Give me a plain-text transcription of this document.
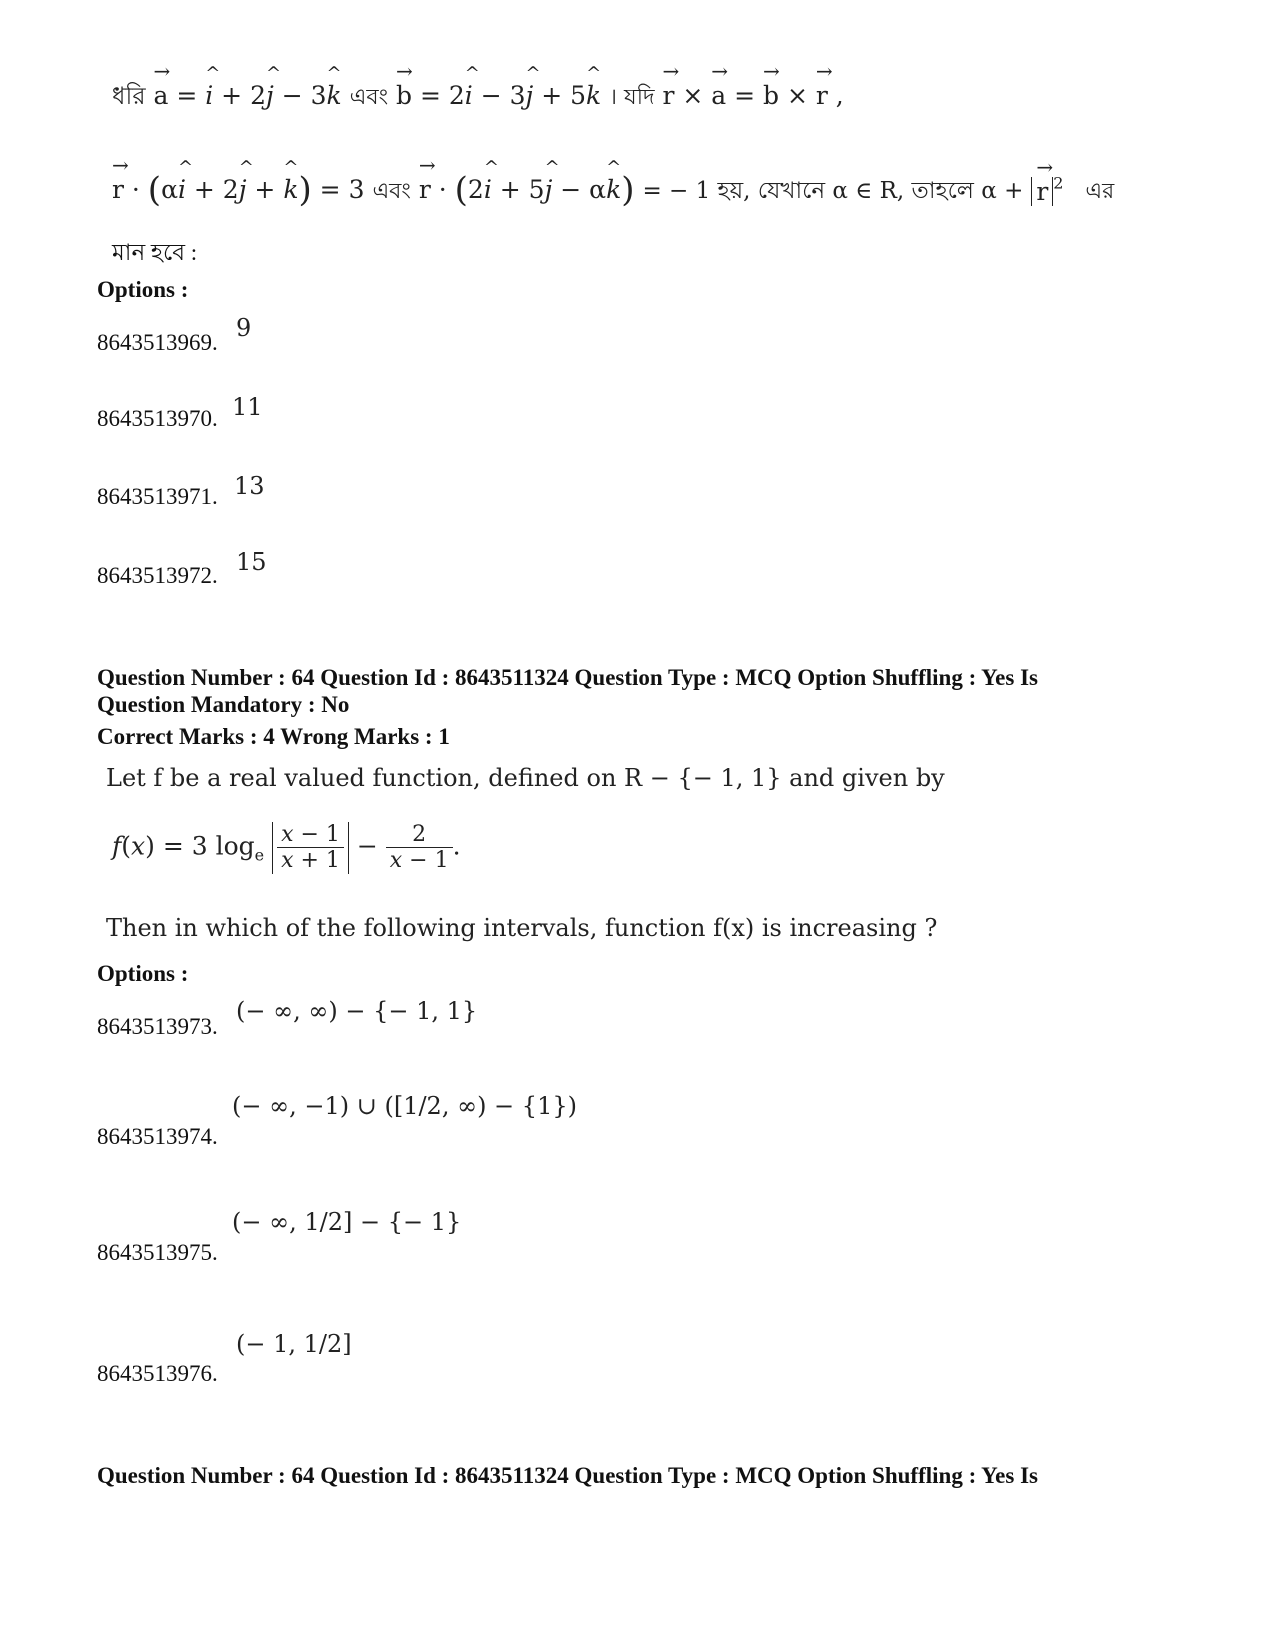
ধরি → a = ^ i + 2^ j − 3^ k এবং → b = 2^ i − 3^ j + 5^ k । যদি → r × → a = → b × → r ,
→ r · (α^ i + 2^ j + ^ k) = 3 এবং → r · (2^ i + 5^ j − α^ k) = − 1 হয়, যেখানে α ∈ R, তাহলে α + → r $^2$ এর
মান হবে :
Options :
8643513969.
9
8643513970. 11
8643513971. 13
8643513972. 15
Question Number : 64 Question Id : 8643511324 Question Type : MCQ Option Shuffling : Yes Is
Question Mandatory : No
Correct Marks : 4 Wrong Marks : 1
Let f be a real valued function, defined on R − {− 1, 1} and given by
f(x) = 3 $\log_e \frac{x - 1}{x + 1} - \frac{2}{x - 1}$ .
Then in which of the following intervals, function f(x) is increasing ?
Options :
8643513973.
(− ∞, ∞) − {− 1, 1}
8643513974.
(− ∞, −1) ∪ ([1/2, ∞) − {1})
8643513975.
(− ∞, 1/2] − {− 1}
8643513976.
(− 1, 1/2]
Question Number : 64 Question Id : 8643511324 Question Type : MCQ Option Shuffling : Yes Is
